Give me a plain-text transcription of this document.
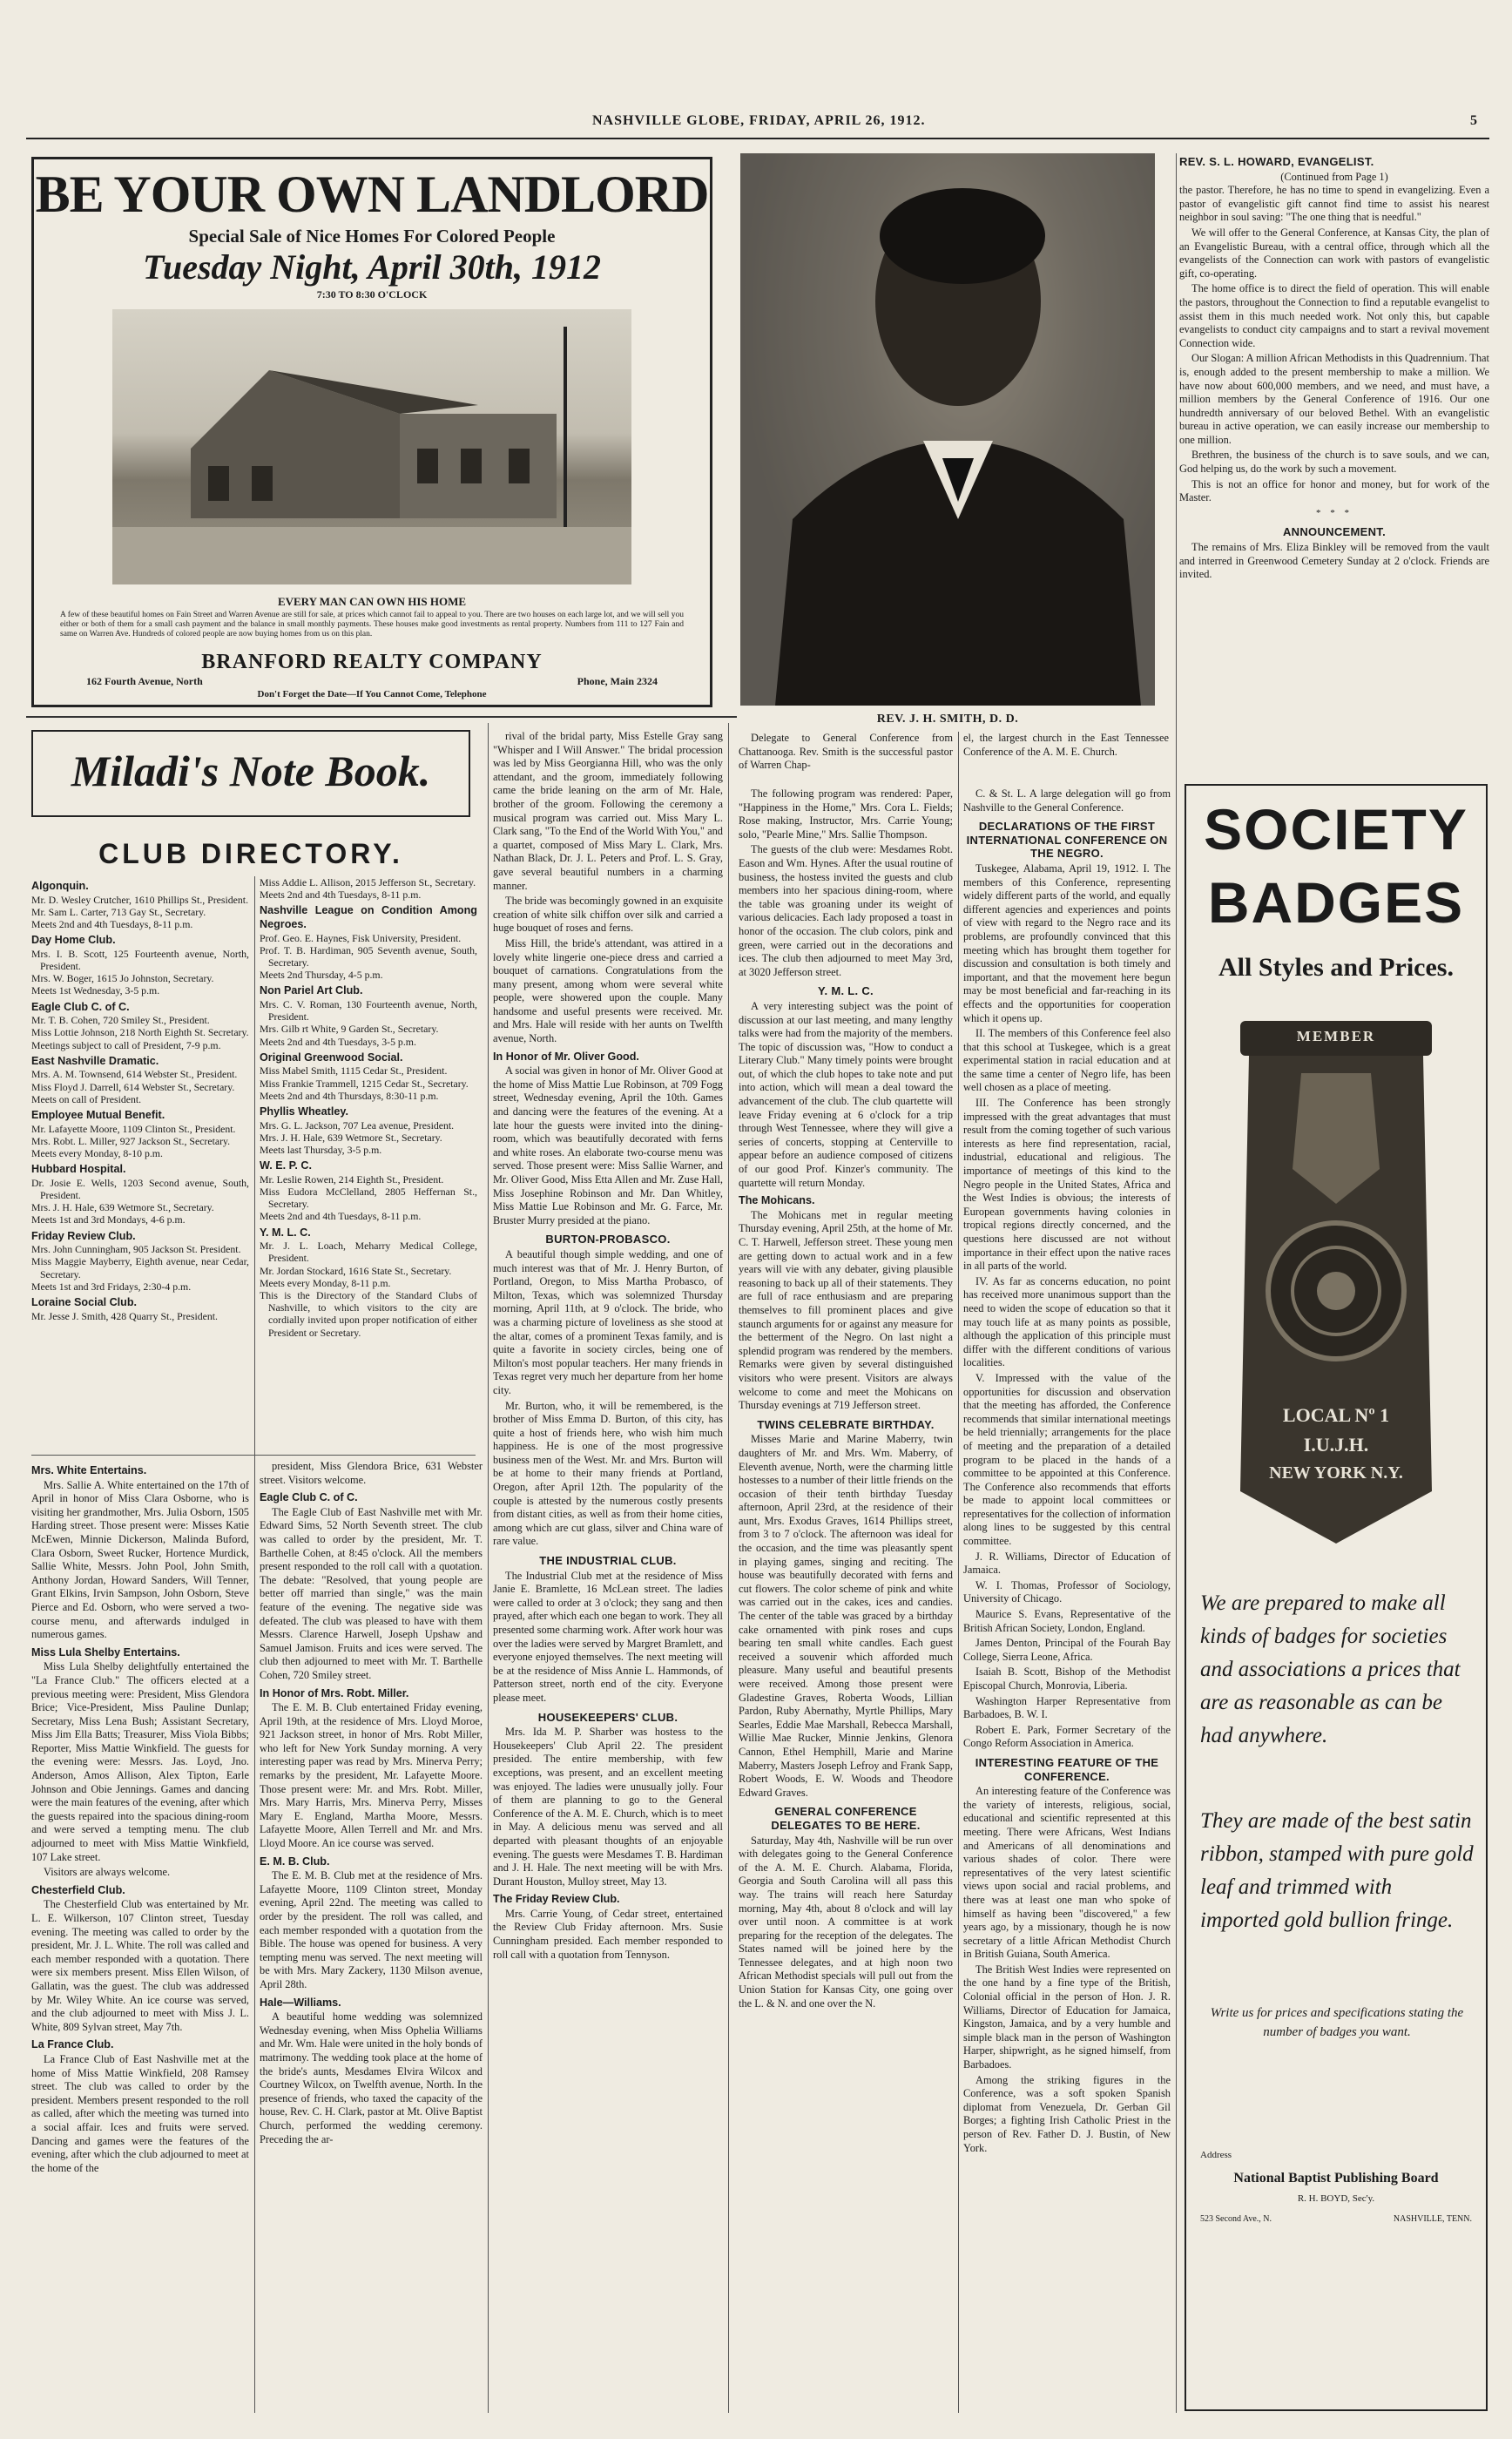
NASHVILLE GLOBE, FRIDAY, APRIL 26, 1912.	5
BE YOUR OWN LANDLORD
Special Sale of Nice Homes For Colored People
Tuesday Night, April 30th, 1912
7:30 TO 8:30 O'CLOCK
EVERY MAN CAN OWN HIS HOME
A few of these beautiful homes on Fain Street and Warren Avenue are still for sale, at prices which cannot fail to appeal to you. There are two houses on each large lot, and we will sell you either or both of them for a small cash payment and the balance in small monthly payments. These houses make good investments as rental property. Numbers from 111 to 127 Fain and same on Warren Ave. Hundreds of colored people are now buying homes from us on this plan.
BRANFORD REALTY COMPANY
162 Fourth Avenue, North	Phone, Main 2324
Don't Forget the Date—If You Cannot Come, Telephone
REV. J. H. SMITH, D. D.
REV. S. L. HOWARD, EVANGELIST.
(Continued from Page 1)

the pastor. Therefore, he has no time to spend in evangelizing. Even a pastor of evangelistic gift cannot find time to assist his nearest neighbor in soul saving: "The one thing that is needful."

We will offer to the General Conference, at Kansas City, the plan of an Evangelistic Bureau, with a central office, through which all the evangelists of the Connection can work with pastors of evangelistic gift, co-operating.

The home office is to direct the field of operation. This will enable the pastors, throughout the Connection to find a reputable evangelist to assist them in this much needed work. Not only this, but capable evangelists to conduct city campaigns and to start a revival movement Connection wide.

Our Slogan: A million African Methodists in this Quadrennium. That is, enough added to the present membership to make a million. We have now about 600,000 members, and we need, and must have, a million members by the General Conference of 1916. Our one hundredth anniversary of our beloved Bethel. With an evangelistic bureau in active operation, we can easily increase our membership to one million.

Brethren, the business of the church is to save souls, and we can, God helping us, do the work by such a movement.

This is not an office for honor and money, but for work of the Master.

* * *
ANNOUNCEMENT.

The remains of Mrs. Eliza Binkley will be removed from the vault and interred in Greenwood Cemetery Sunday at 2 o'clock. Friends are invited.

Miladi's Note Book.
CLUB DIRECTORY.
Algonquin.
Mr. D. Wesley Crutcher, 1610 Phillips St., President.
Mr. Sam L. Carter, 713 Gay St., Secretary.
Meets 2nd and 4th Tuesdays, 8-11 p.m.
Day Home Club.
Mrs. I. B. Scott, 125 Fourteenth avenue, North, President.
Mrs. W. Boger, 1615 Jo Johnston, Secretary.
Meets 1st Wednesday, 3-5 p.m.
Eagle Club C. of C.
Mr. T. B. Cohen, 720 Smiley St., President.
Miss Lottie Johnson, 218 North Eighth St. Secretary.
Meetings subject to call of President, 7-9 p.m.
East Nashville Dramatic.
Mrs. A. M. Townsend, 614 Webster St., President.
Miss Floyd J. Darrell, 614 Webster St., Secretary.
Meets on call of President.
Employee Mutual Benefit.
Mr. Lafayette Moore, 1109 Clinton St., President.
Mrs. Robt. L. Miller, 927 Jackson St., Secretary.
Meets every Monday, 8-10 p.m.
Hubbard Hospital.
Dr. Josie E. Wells, 1203 Second avenue, South, President.
Mrs. J. H. Hale, 639 Wetmore St., Secretary.
Meets 1st and 3rd Mondays, 4-6 p.m.
Friday Review Club.
Mrs. John Cunningham, 905 Jackson St. President.
Miss Maggie Mayberry, Eighth avenue, near Cedar, Secretary.
Meets 1st and 3rd Fridays, 2:30-4 p.m.
Loraine Social Club.
Mr. Jesse J. Smith, 428 Quarry St., President.
Miss Addie L. Allison, 2015 Jefferson St., Secretary.
Meets 2nd and 4th Tuesdays, 8-11 p.m.
Nashville League on Condition Among Negroes.
Prof. Geo. E. Haynes, Fisk University, President.
Prof. T. B. Hardiman, 905 Seventh avenue, South, Secretary.
Meets 2nd Thursday, 4-5 p.m.
Non Pariel Art Club.
Mrs. C. V. Roman, 130 Fourteenth avenue, North, President.
Mrs. Gilb rt White, 9 Garden St., Secretary.
Meets 2nd and 4th Tuesdays, 3-5 p.m.
Original Greenwood Social.
Miss Mabel Smith, 1115 Cedar St., President.
Miss Frankie Trammell, 1215 Cedar St., Secretary.
Meets 2nd and 4th Thursdays, 8:30-11 p.m.
Phyllis Wheatley.
Mrs. G. L. Jackson, 707 Lea avenue, President.
Mrs. J. H. Hale, 639 Wetmore St., Secretary.
Meets last Thursday, 3-5 p.m.
W. E. P. C.
Mr. Leslie Rowen, 214 Eighth St., President.
Miss Eudora McClelland, 2805 Heffernan St., Secretary.
Meets 2nd and 4th Tuesdays, 8-11 p.m.
Y. M. L. C.
Mr. J. L. Loach, Meharry Medical College, President.
Mr. Jordan Stockard, 1616 State St., Secretary.
Meets every Monday, 8-11 p.m.
This is the Directory of the Standard Clubs of Nashville, to which visitors to the city are cordially invited upon proper notification of either President or Secretary.
Mrs. White Entertains.

Mrs. Sallie A. White entertained on the 17th of April in honor of Miss Clara Osborne, who is visiting her grandmother, Mrs. Julia Osborn, 1505 Harding street. Those present were: Misses Katie McEwen, Minnie Dickerson, Malinda Buford, Clara Osborn, Sweet Rucker, Hortence Murdick, Sallie White, Messrs. John Pool, John Smith, Anthony Jordan, Howard Sanders, Will Tenner, Grant Elkins, Irvin Sampson, John Osborn, Steve Pierce and Ed. Osborn, who were served a two-course menu, and afterwards indulged in numerous games.

Miss Lula Shelby Entertains.

Miss Lula Shelby delightfully entertained the "La France Club." The officers elected at a previous meeting were: President, Miss Glendora Brice; Vice-President, Miss Pauline Dunlap; Secretary, Miss Lena Bush; Assistant Secretary, Miss Jim Ella Batts; Treasurer, Miss Viola Bibbs; Reporter, Miss Mattie Winkfield. The guests for the evening were: Messrs. Jas. Loyd, Jno. Anderson, Amos Allison, Alex Tipton, Earle Johnson and Obie Jennings. Games and dancing were the main features of the evening, after which the guests repaired into the spacious dining-room and were served a tempting menu. The club adjourned to meet with Miss Mattie Winkfield, 107 Lake street.

Visitors are always welcome.

Chesterfield Club.

The Chesterfield Club was entertained by Mr. L. E. Wilkerson, 107 Clinton street, Tuesday evening. The meeting was called to order by the president, Mr. J. L. White. The roll was called and each member responded with a quotation. There were six members present. Miss Ellen Wilson, of Gallatin, was the guest. The club was addressed by Mr. Wiley White. An ice course was served, and the club adjourned to meet with Miss J. L. White, 809 Sylvan street, May 7th.

La France Club.

La France Club of East Nashville met at the home of Miss Mattie Winkfield, 208 Ramsey street. The club was called to order by the president. Members present responded to the roll as called, after which the meeting was turned into a social affair. Ices and fruits were served. Dancing and games were the features of the evening, after which the club adjourned to meet at the home of the

president, Miss Glendora Brice, 631 Webster street. Visitors welcome.

Eagle Club C. of C.

The Eagle Club of East Nashville met with Mr. Edward Sims, 52 North Seventh street. The club was called to order by the president, Mr. T. Barthelle Cohen, at 8:45 o'clock. All the members present responded to the roll call with a quotation. The debate: "Resolved, that young people are better off married than single," was the main feature of the evening. The negative side was defeated. The club was pleased to have with them Messrs. Clarence Harwell, Joseph Upshaw and Samuel Jamison. Fruits and ices were served. The club then adjourned to meet with Mr. T. Barthelle Cohen, 720 Smiley street.

In Honor of Mrs. Robt. Miller.

The E. M. B. Club entertained Friday evening, April 19th, at the residence of Mrs. Lloyd Moroe, 921 Jackson street, in honor of Mrs. Robt Miller, who left for New York Sunday morning. A very interesting paper was read by Mrs. Minerva Perry; remarks by the president, Mr. Lafayette Moore. Those present were: Mr. and Mrs. Robt. Miller, Mrs. Mary Harris, Mrs. Minerva Perry, Misses Mary E. England, Martha Moore, Messrs. Lafayette Moore, Allen Terrell and Mr. and Mrs. Lloyd Moore. An ice course was served.

E. M. B. Club.

The E. M. B. Club met at the residence of Mrs. Lafayette Moore, 1109 Clinton street, Monday evening, April 22nd. The meeting was called to order by the president. The roll was called, and each member responded with a quotation from the Bible. The house was opened for business. A very tempting menu was served. The next meeting will be with Mrs. Mary Zackery, 1130 Milson avenue, April 28th.

Hale—Williams.

A beautiful home wedding was solemnized Wednesday evening, when Miss Ophelia Williams and Mr. Wm. Hale were united in the holy bonds of matrimony. The wedding took place at the home of the bride's aunts, Mesdames Elvira Wilcox and Courtney Wilcox, on Twelfth avenue, North. In the presence of friends, who taxed the capacity of the house, Rev. C. H. Clark, pastor at Mt. Olive Baptist Church, performed the wedding ceremony. Preceding the ar-

rival of the bridal party, Miss Estelle Gray sang "Whisper and I Will Answer." The bridal procession was led by Miss Georgianna Hill, who was the only attendant, and the groom, immediately following came the bride leaning on the arm of Mr. Hale, brother of the groom. Following the ceremony a musical program was carried out. Miss Mary L. Clark sang, "To the End of the World With You," and a quartet, composed of Miss Mary L. Clark, Mrs. Nathan Black, Dr. J. L. Peters and Prof. L. S. Gray, gave several beautiful numbers in a charming manner.

The bride was becomingly gowned in an exquisite creation of white silk chiffon over silk and carried a huge bouquet of roses and ferns.

Miss Hill, the bride's attendant, was attired in a lovely white lingerie one-piece dress and carried a bouquet of carnations. Congratulations from the many present, among whom were several white people, were showered upon the couple. Many handsome and useful presents were received. Mr. and Mrs. Hale will reside with her aunts on Twelfth avenue, North.

In Honor of Mr. Oliver Good.

A social was given in honor of Mr. Oliver Good at the home of Miss Mattie Lue Robinson, at 709 Fogg street, Wednesday evening, April the 10th. Games and dancing were the features of the evening. At a late hour the guests were invited into the dining-room, which was beautifully decorated with ferns and white roses. An elaborate two-course menu was served. Those present were: Miss Sallie Warner, and Mr. Oliver Good, Miss Etta Allen and Mr. Zuse Hall, Miss Josephine Robinson and Mr. Dan Whitley, Miss Mattie Lue Robinson and Mr. G. Farce, Mr. Bruster Murry presided at the piano.

BURTON-PROBASCO.

A beautiful though simple wedding, and one of much interest was that of Mr. J. Henry Burton, of Portland, Oregon, to Miss Martha Probasco, of Milton, Texas, which was solemnized Thursday morning, April 11th, at 9 o'clock. The bride, who was a charming picture of loveliness as she stood at the altar, comes of a prominent Texas family, and is quite a favorite in society circles, being one of Milton's most popular teachers. Her many friends in Texas regret very much her departure from her home city.

Mr. Burton, who, it will be remembered, is the brother of Miss Emma D. Burton, of this city, has quite a host of friends here, who wish him much happiness. He is one of the most progressive business men of the West. Mr. and Mrs. Burton will be at home to their many friends at Portland, Oregon, after April 12th. The popularity of the couple is attested by the numerous costly presents from distant cities, as well as from their home cities, among which are cut glass, silver and China ware of rare value.

THE INDUSTRIAL CLUB.

The Industrial Club met at the residence of Miss Janie E. Bramlette, 16 McLean street. The ladies were called to order at 3 o'clock; they sang and then prayed, after which each one began to work. They all presented some charming work. After work hour was over the ladies were served by Margret Bramlett, and everyone enjoyed themselves. The next meeting will be at the residence of Miss Annie L. Hammonds, of Patterson street, north end of the city. Everyone please meet.

HOUSEKEEPERS' CLUB.

Mrs. Ida M. P. Sharber was hostess to the Housekeepers' Club April 22. The president presided. The entire membership, with few exceptions, was present, and an excellent meeting was enjoyed. The ladies were unusually jolly. Four of them are planning to go to the General Conference of the A. M. E. Church, which is to meet in May. A delicious menu was served and all departed with pleasant thoughts of an enjoyable evening. The guests were Mesdames T. B. Hardiman and J. H. Hale. The next meeting will be with Mrs. Durant Houston, Mulloy street, May 13.

The Friday Review Club.

Mrs. Carrie Young, of Cedar street, entertained the Review Club Friday afternoon. Mrs. Susie Cunningham presided. Each member responded to roll call with a quotation from Tennyson.

Delegate to General Conference from Chattanooga. Rev. Smith is the successful pastor of Warren Chap-

el, the largest church in the East Tennessee Conference of the A. M. E. Church.

The following program was rendered: Paper, "Happiness in the Home," Mrs. Cora L. Fields; Rose making, Instructor, Mrs. Carrie Young; solo, "Pearle Mine," Mrs. Sallie Thompson.

The guests of the club were: Mesdames Robt. Eason and Wm. Hynes. After the usual routine of business, the hostess invited the guests and club members into her spacious dining-room, where the table was groaning under its weight of various delicacies. Each lady proposed a toast in honor of the occasion. The club colors, pink and green, were carried out in the decorations and ices. The club then adjourned to meet May 3rd, at 3020 Jefferson street.

Y. M. L. C.

A very interesting subject was the point of discussion at our last meeting, and many lengthy talks were had from the majority of the members. The topic of discussion was, "How to conduct a Literary Club." Many timely points were brought out, of which the club hopes to take note and put into action, which will mean a deal toward the advancement of the club. The club quartette will leave Friday evening at 6 o'clock for a trip through West Tennessee, where they will give a series of concerts, stopping at Centerville to appear before an audience composed of citizens of our good Prof. Kinzer's community. The quartette will return Monday.

The Mohicans.

The Mohicans met in regular meeting Thursday evening, April 25th, at the home of Mr. C. T. Harwell, Jefferson street. These young men are getting down to actual work and in a few years will vie with any debater, giving plausible reasoning to back up all of their statements. They are full of race enthusiasm and are preparing themselves to fill prominent places and give staunch arguments for or against any measure for the betterment of the Negro. On last night a splendid program was rendered by the members. Remarks were given by several distinguished visitors who were present. Visitors are always welcome to come and meet the Mohicans on Thursday evenings at 719 Jefferson street.

TWINS CELEBRATE BIRTHDAY.

Misses Marie and Marine Maberry, twin daughters of Mr. and Mrs. Wm. Maberry, of Eleventh avenue, North, were the charming little hostesses to a number of their little friends on the occasion of their tenth birthday Tuesday afternoon, April 23rd, at the residence of their aunt, Mrs. Exodus Graves, 1614 Phillips street, from 3 to 7 o'clock. The afternoon was ideal for the occasion, and the time was pleasantly spent in playing games, singing and reciting. The house was beautifully decorated with ferns and cut flowers. The color scheme of pink and white was carried out in the cakes, ices and candies. The center of the table was graced by a birthday cake ornamented with pink roses and cups bearing ten small white candles. Each guest received a souvenir which afforded much pleasure. Many useful and beautiful presents were received. Among those present were Gladestine Graves, Roberta Woods, Lillian Pardon, Ruby Abernathy, Myrtle Phillips, Mary Searles, Eddie Mae Marshall, Rebecca Marshall, Willie Mae Rucker, Minnie Jenkins, Glenora Cannon, Ethel Hemphill, Marie and Marine Maberry, Masters Joseph Lefroy and Frank Sapp, Robert Woods, E. W. Woods and Theodore Edward Graves.

GENERAL CONFERENCE DELEGATES TO BE HERE.

Saturday, May 4th, Nashville will be run over with delegates going to the General Conference of the A. M. E. Church. Alabama, Florida, Georgia and South Carolina will all pass this way. The trains will reach here Saturday morning, May 4th, about 8 o'clock and will lay over until noon. A committee is at work preparing for the reception of the delegates. The States named will be joined here by the Tennessee delegates, and at high noon two African Methodist specials will pull out from the Union Station for Kansas City, one going over the L. & N. and one over the N.

C. & St. L. A large delegation will go from Nashville to the General Conference.

DECLARATIONS OF THE FIRST INTERNATIONAL CONFERENCE ON THE NEGRO.

Tuskegee, Alabama, April 19, 1912. I. The members of this Conference, representing widely different parts of the world, and equally different agencies and experiences and points of view with regard to the Negro race and its problems, are profoundly convinced that this meeting which has brought them together for discussion and consultation is both timely and important, and that the movement here begun may be most beneficial and far-reaching in its effects and the opportunities for cooperation which it opens up.

II. The members of this Conference feel also that this school at Tuskegee, which is a great experimental station in racial education and at the same time a center of Negro life, has been well chosen as a place of meeting.

III. The Conference has been strongly impressed with the great advantages that must result from the coming together of such various interests as here find representation, racial, industrial, educational and religious. The importance of meetings of this kind to the Negro people in the United States, Africa and the West Indies is obvious; the interests of European governments having colonies in tropical regions directly concerned, and the questions here discussed are not without importance in their effect upon the native races in all parts of the world.

IV. As far as concerns education, no point has received more unanimous support than the need to widen the scope of education so that it may touch life at as many points as possible, although the application of this principle must differ with the different conditions of various localities.

V. Impressed with the value of the opportunities for discussion and observation that the meeting has afforded, the Conference recommends that similar international meetings be held triennially; arrangements for the place of meeting and the preparation of a detailed program to be placed in the hands of a committee to be appointed at this Conference. The Conference also recommends that efforts be made to appoint local committees or representatives for the collection of information along lines to be suggested by this central committee.

J. R. Williams, Director of Education of Jamaica.

W. I. Thomas, Professor of Sociology, University of Chicago.

Maurice S. Evans, Representative of the British African Society, London, England.

James Denton, Principal of the Fourah Bay College, Sierra Leone, Africa.

Isaiah B. Scott, Bishop of the Methodist Episcopal Church, Monrovia, Liberia.

Washington Harper Representative from Barbadoes, B. W. I.

Robert E. Park, Former Secretary of the Congo Reform Association in America.

INTERESTING FEATURE OF THE CONFERENCE.

An interesting feature of the Conference was the variety of interests, religious, social, educational and scientific represented at this meeting. There were Africans, West Indians and Americans of all denominations and various shades of color. There were representatives of the very latest scientific views upon social and racial problems, and there was at least one man who spoke of himself as having been "discovered," a few years ago, by a missionary, though he is now secretary of a little African Methodist Church in British Guiana, South America.

The British West Indies were represented on the one hand by a fine type of the British, Colonial official in the person of Hon. J. R. Williams, Director of Education for Jamaica, Kingston, Jamaica, and by a very humble and simple black man in the person of Washington Harper, shipwright, as he signed himself, from Barbadoes.

Among the striking figures in the Conference, was a soft spoken Spanish diplomat from Venezuela, Dr. Gerban Gil Borges; a fighting Irish Catholic Priest in the person of Rev. Father D. J. Bustin, of New York.

SOCIETY
BADGES
All Styles and Prices.
MEMBER
LOCAL Nº 1
I.U.J.H.
NEW YORK N.Y.
We are prepared to make all kinds of badges for societies and associations a prices that are as reasonable as can be had anywhere.
They are made of the best satin ribbon, stamped with pure gold leaf and trimmed with imported gold bullion fringe.
Write us for prices and specifications stating the number of badges you want.
Address
National Baptist Publishing Board
R. H. BOYD, Sec'y.
523 Second Ave., N.	NASHVILLE, TENN.
